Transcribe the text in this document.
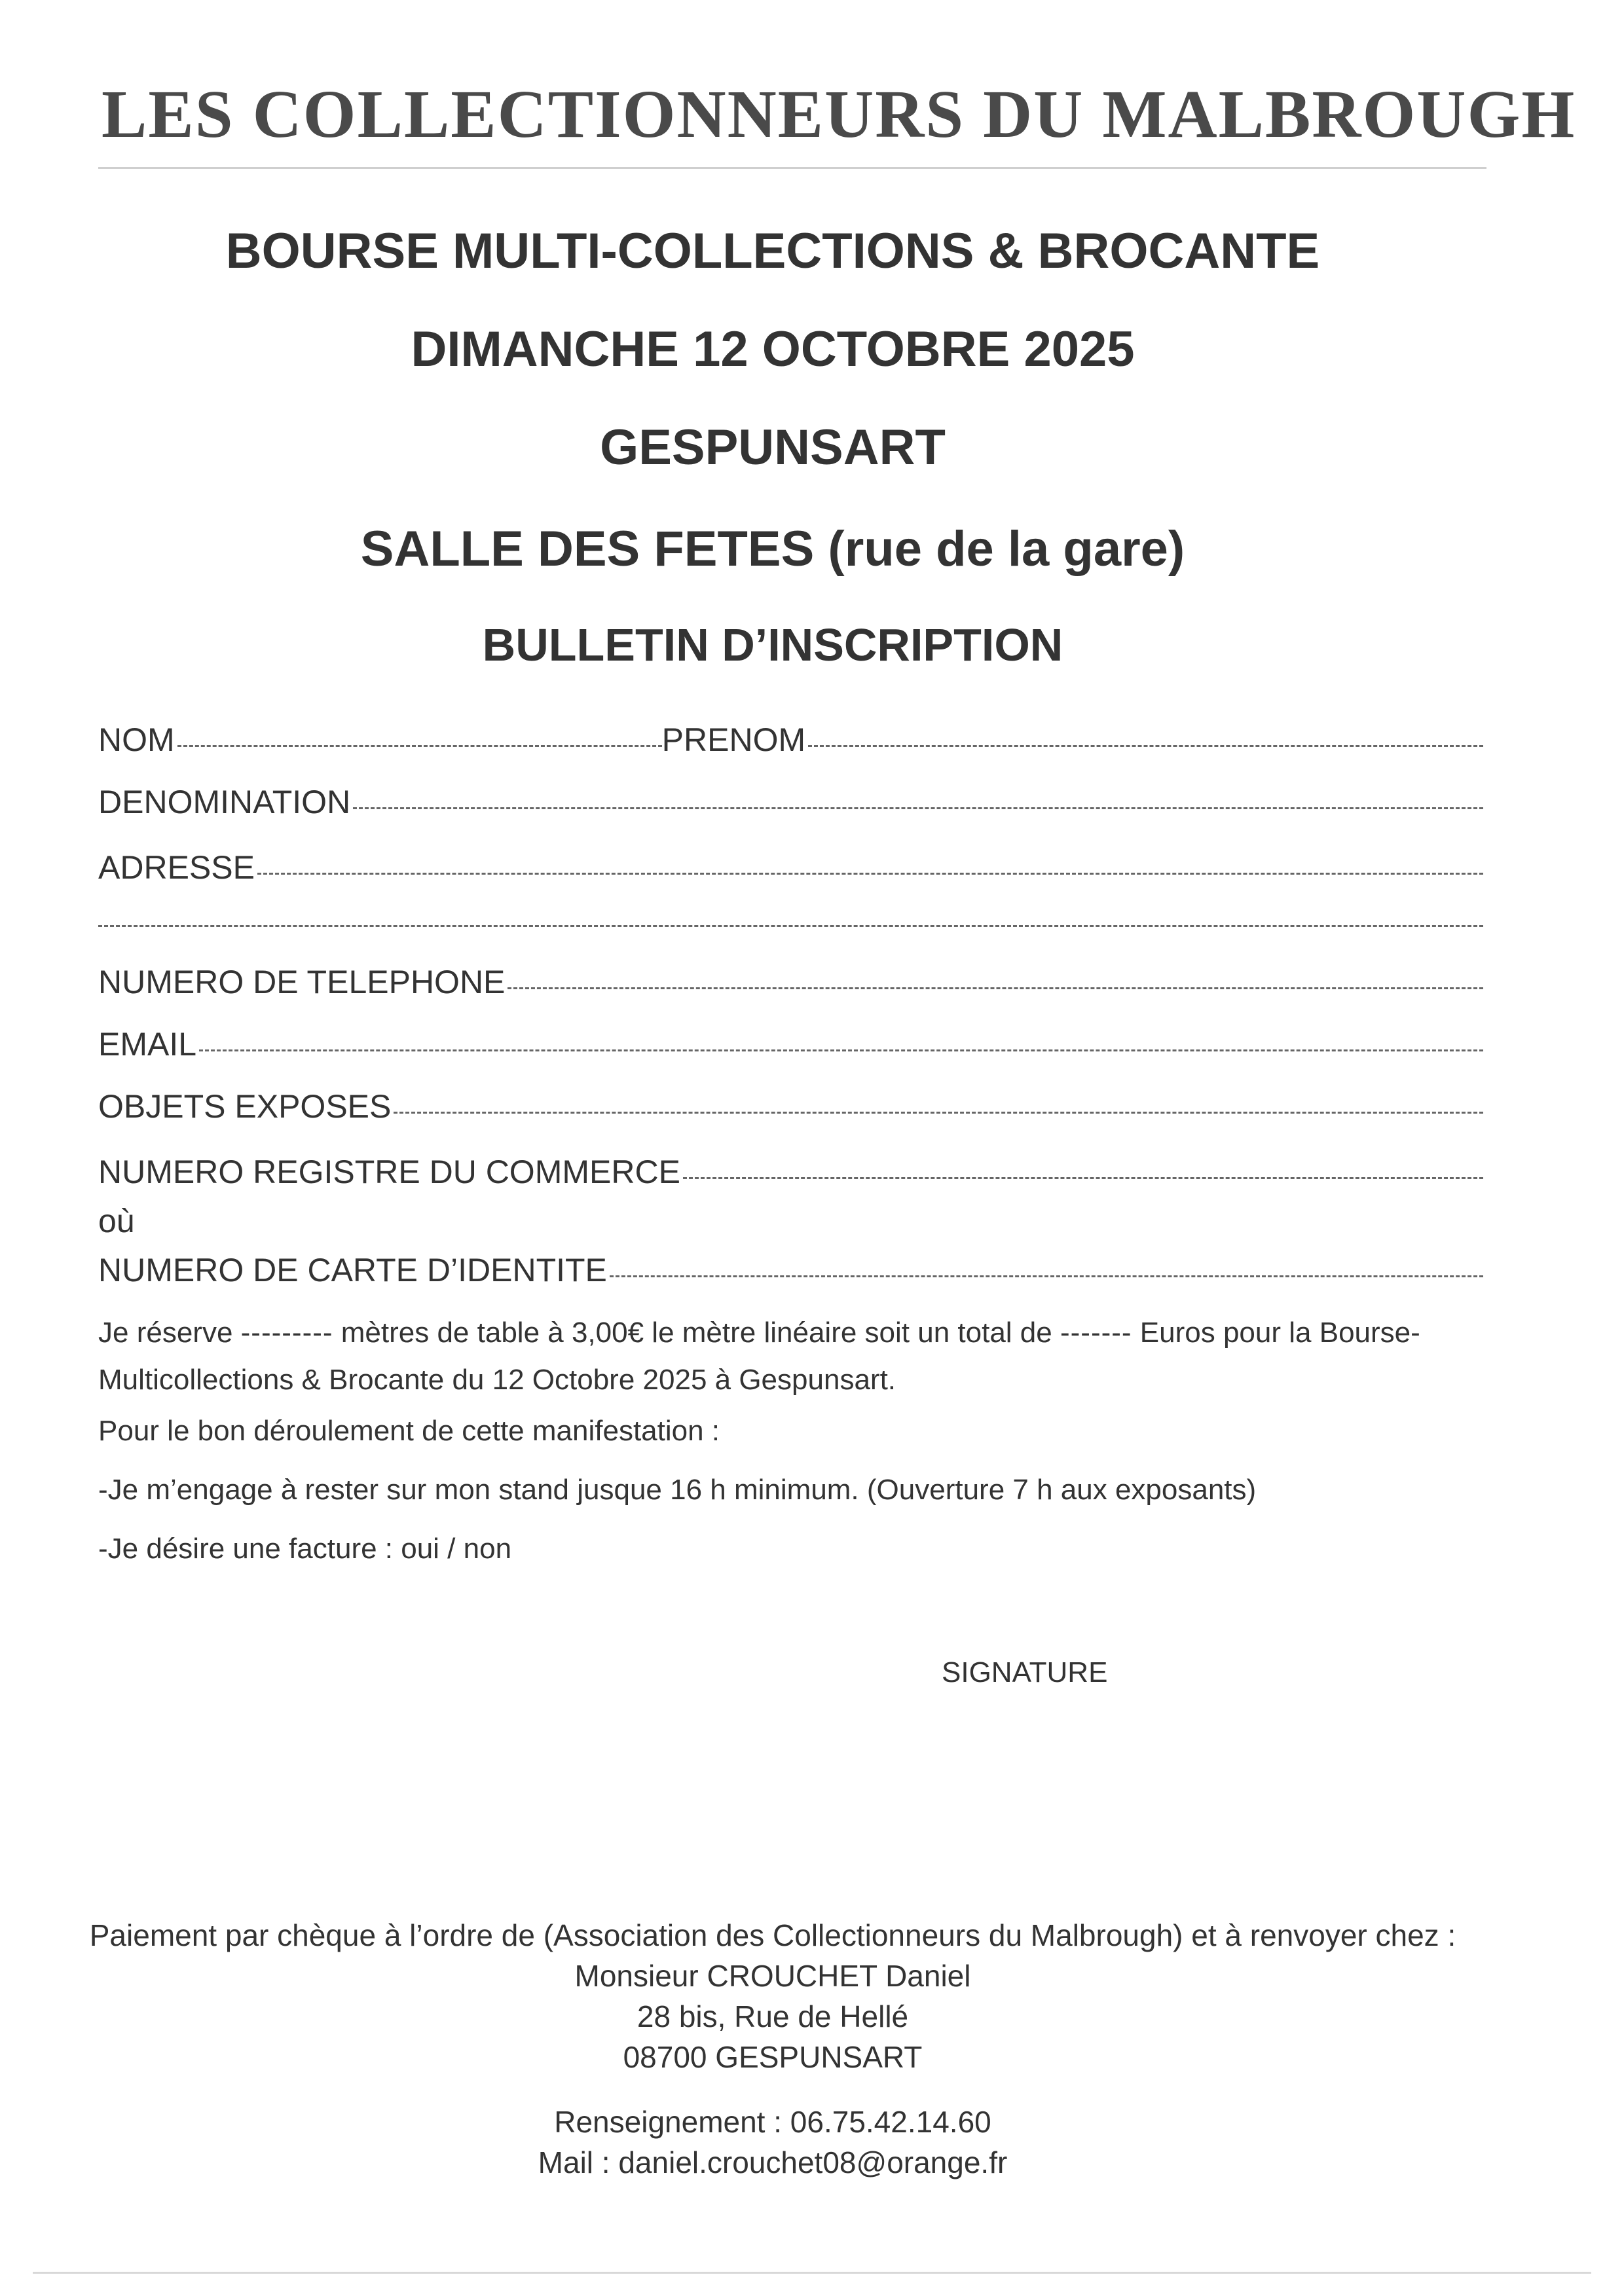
LES COLLECTIONNEURS DU MALBROUGH
BOURSE MULTI-COLLECTIONS & BROCANTE
DIMANCHE 12 OCTOBRE 2025
GESPUNSART
SALLE DES FETES (rue de la gare)
BULLETIN D’INSCRIPTION
NOM	PRENOM
DENOMINATION
ADRESSE
NUMERO DE TELEPHONE
EMAIL
OBJETS EXPOSES
NUMERO REGISTRE DU COMMERCE
où
NUMERO DE CARTE D’IDENTITE
Je réserve --------- mètres de table à 3,00€ le mètre linéaire soit un total de ------- Euros pour la Bourse-
Multicollections & Brocante du 12 Octobre 2025 à Gespunsart.
Pour le bon déroulement de cette manifestation :
-Je m’engage à rester sur mon stand jusque 16 h minimum. (Ouverture 7 h aux exposants)
-Je désire une facture : oui / non
SIGNATURE
Paiement par chèque à l’ordre de (Association des Collectionneurs du Malbrough) et à renvoyer chez :
Monsieur CROUCHET Daniel
28 bis, Rue de Hellé
08700 GESPUNSART
Renseignement : 06.75.42.14.60
Mail : daniel.crouchet08@orange.fr
